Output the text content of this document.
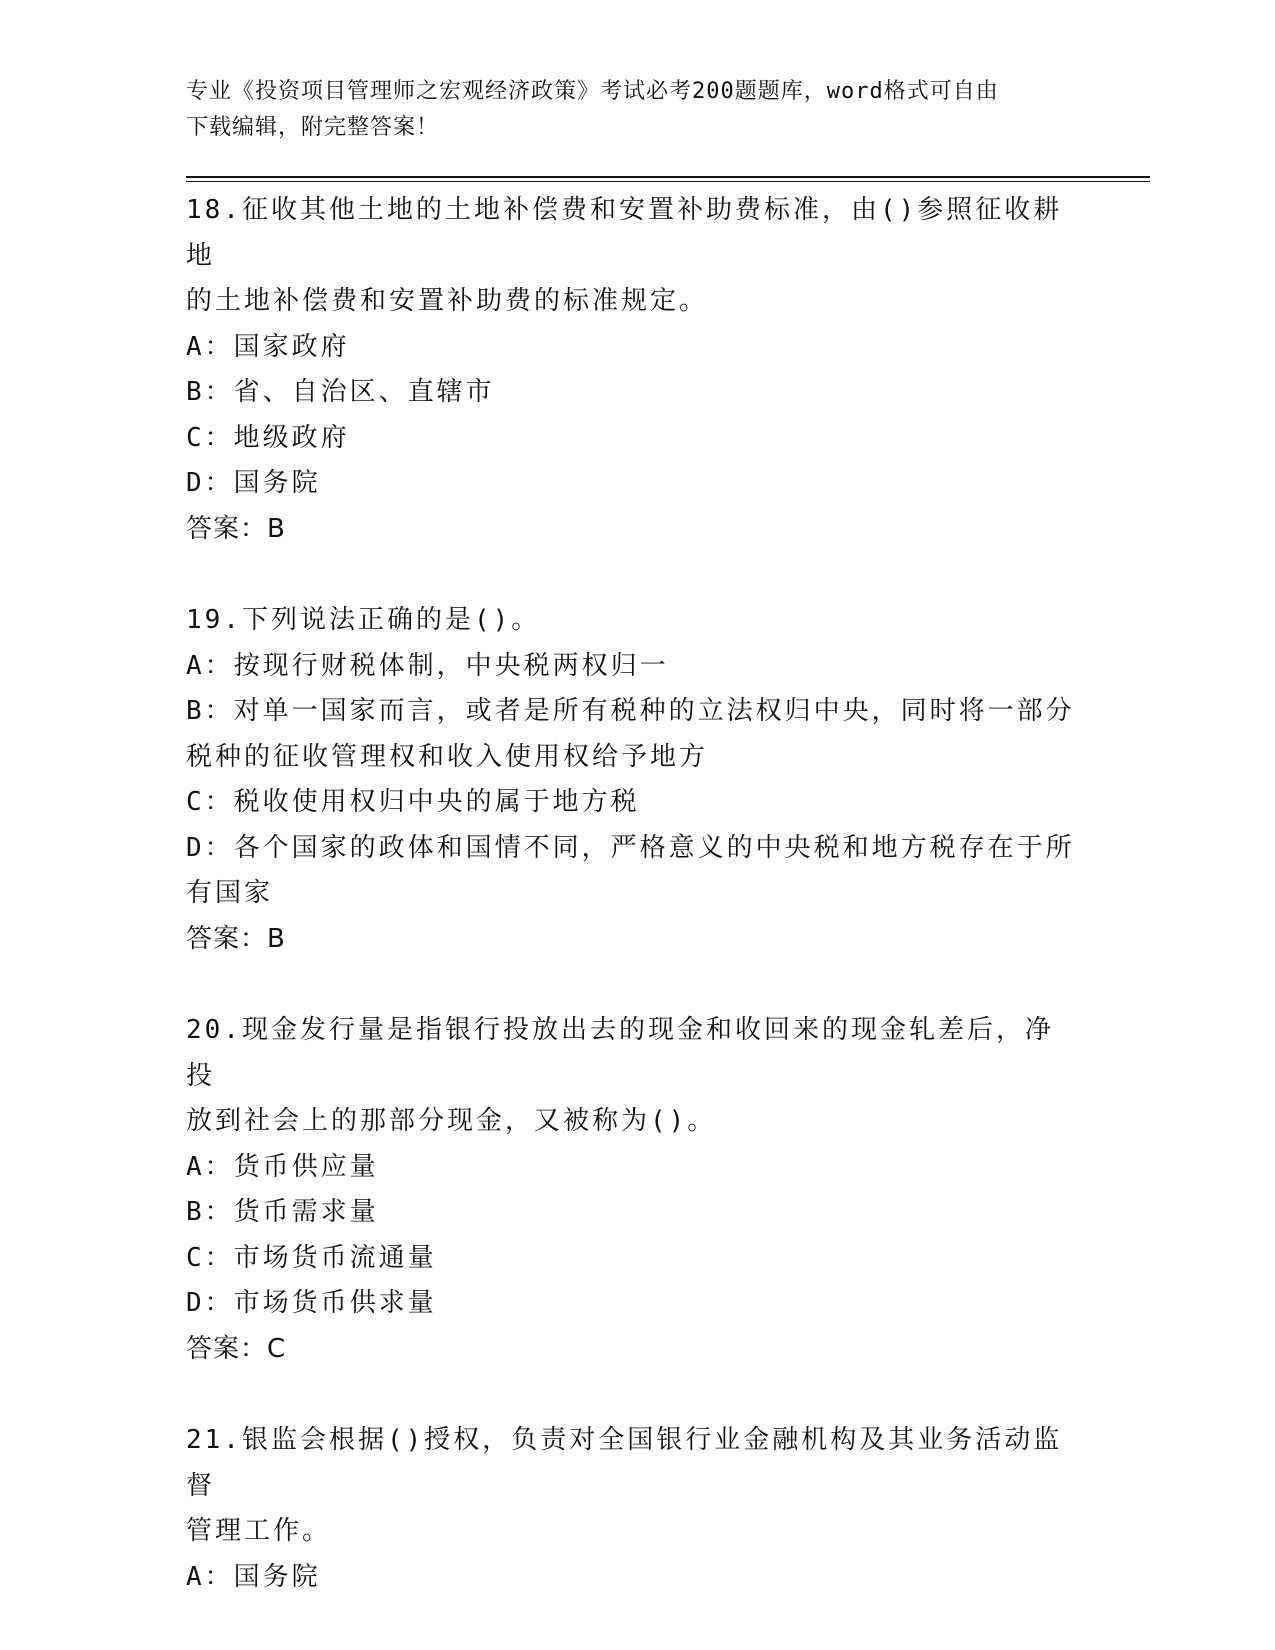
专业《投资项目管理师之宏观经济政策》考试必考200题题库，word格式可自由
下载编辑，附完整答案！
18.征收其他土地的土地补偿费和安置补助费标准，由()参照征收耕地
的土地补偿费和安置补助费的标准规定。
A：国家政府
B：省、自治区、直辖市
C：地级政府
D：国务院
答案：B
19.下列说法正确的是()。
A：按现行财税体制，中央税两权归一
B：对单一国家而言，或者是所有税种的立法权归中央，同时将一部分
税种的征收管理权和收入使用权给予地方
C：税收使用权归中央的属于地方税
D：各个国家的政体和国情不同，严格意义的中央税和地方税存在于所
有国家
答案：B
20.现金发行量是指银行投放出去的现金和收回来的现金轧差后，净投
放到社会上的那部分现金，又被称为()。
A：货币供应量
B：货币需求量
C：市场货币流通量
D：市场货币供求量
答案：C
21.银监会根据()授权，负责对全国银行业金融机构及其业务活动监督
管理工作。
A：国务院
